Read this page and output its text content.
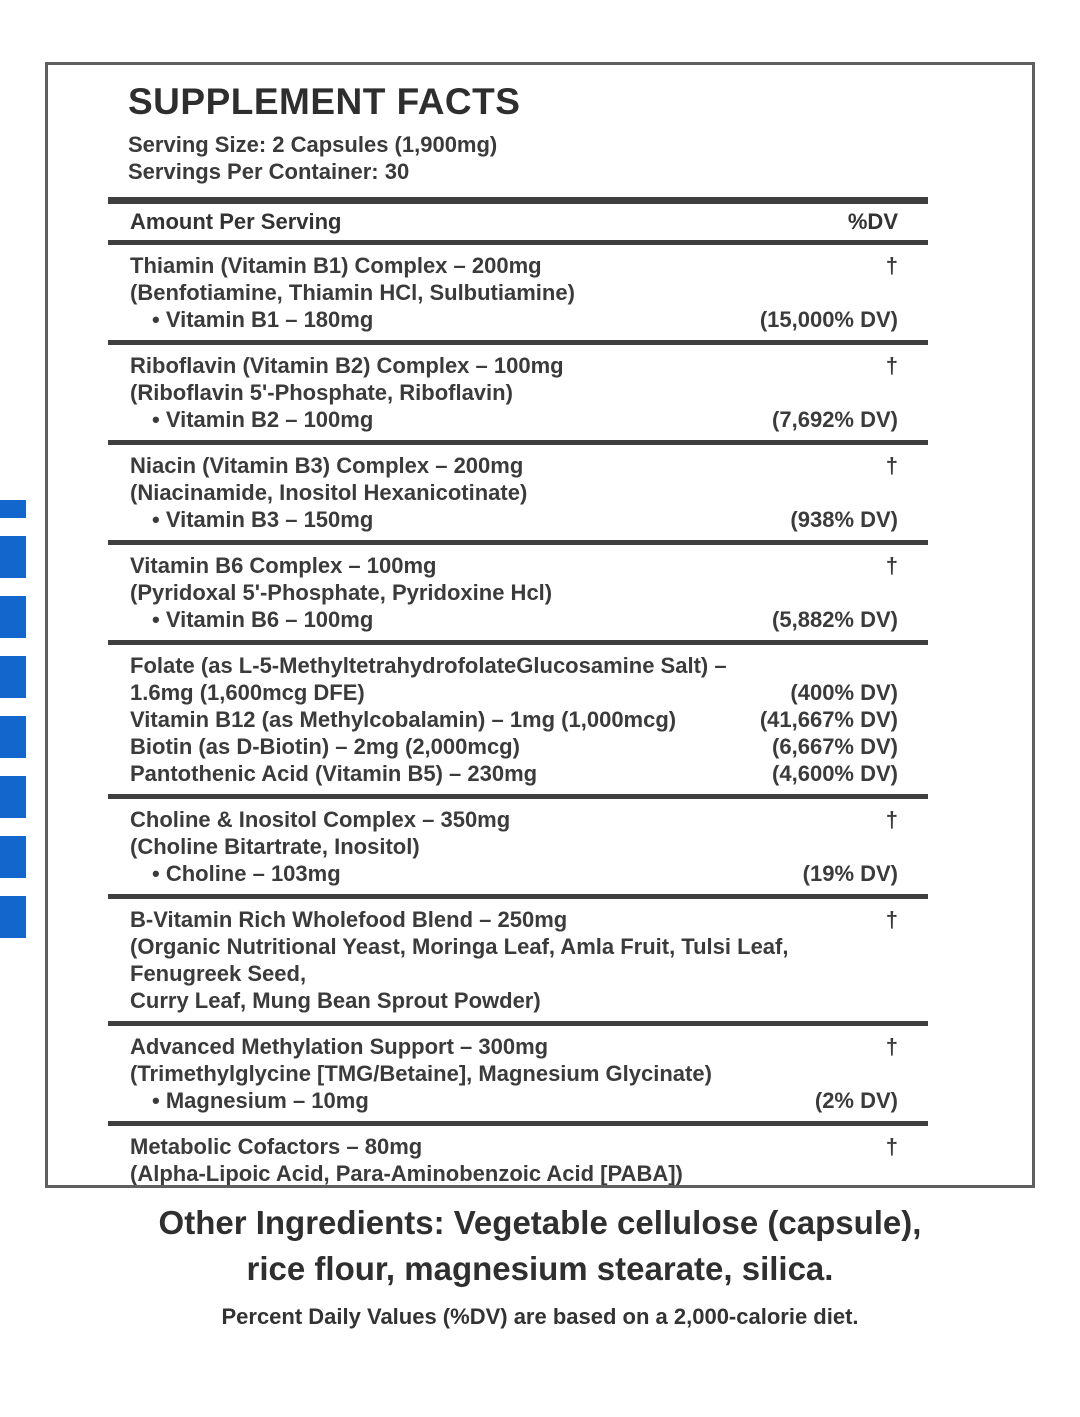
SUPPLEMENT FACTS
Serving Size: 2 Capsules (1,900mg)
Servings Per Container: 30
Amount Per Serving	%DV
Thiamin (Vitamin B1) Complex – 200mg	†
(Benfotiamine, Thiamin HCl, Sulbutiamine)
• Vitamin B1 – 180mg	(15,000% DV)
Riboflavin (Vitamin B2) Complex – 100mg	†
(Riboflavin 5'-Phosphate, Riboflavin)
• Vitamin B2 – 100mg	(7,692% DV)
Niacin (Vitamin B3) Complex – 200mg	†
(Niacinamide, Inositol Hexanicotinate)
• Vitamin B3 – 150mg	(938% DV)
Vitamin B6 Complex – 100mg	†
(Pyridoxal 5'-Phosphate, Pyridoxine Hcl)
• Vitamin B6 – 100mg	(5,882% DV)
Folate (as L-5-MethyltetrahydrofolateGlucosamine Salt) –
1.6mg (1,600mcg DFE)	(400% DV)
Vitamin B12 (as Methylcobalamin) – 1mg (1,000mcg)	(41,667% DV)
Biotin (as D-Biotin) – 2mg (2,000mcg)	(6,667% DV)
Pantothenic Acid (Vitamin B5) – 230mg	(4,600% DV)
Choline & Inositol Complex – 350mg	†
(Choline Bitartrate, Inositol)
• Choline – 103mg	(19% DV)
B-Vitamin Rich Wholefood Blend – 250mg	†
(Organic Nutritional Yeast, Moringa Leaf, Amla Fruit, Tulsi Leaf, Fenugreek Seed,
Curry Leaf, Mung Bean Sprout Powder)
Advanced Methylation Support – 300mg	†
(Trimethylglycine [TMG/Betaine], Magnesium Glycinate)
• Magnesium – 10mg	(2% DV)
Metabolic Cofactors – 80mg	†
(Alpha-Lipoic Acid, Para-Aminobenzoic Acid [PABA])
Other Ingredients: Vegetable cellulose (capsule),
rice flour, magnesium stearate, silica.
Percent Daily Values (%DV) are based on a 2,000-calorie diet.
